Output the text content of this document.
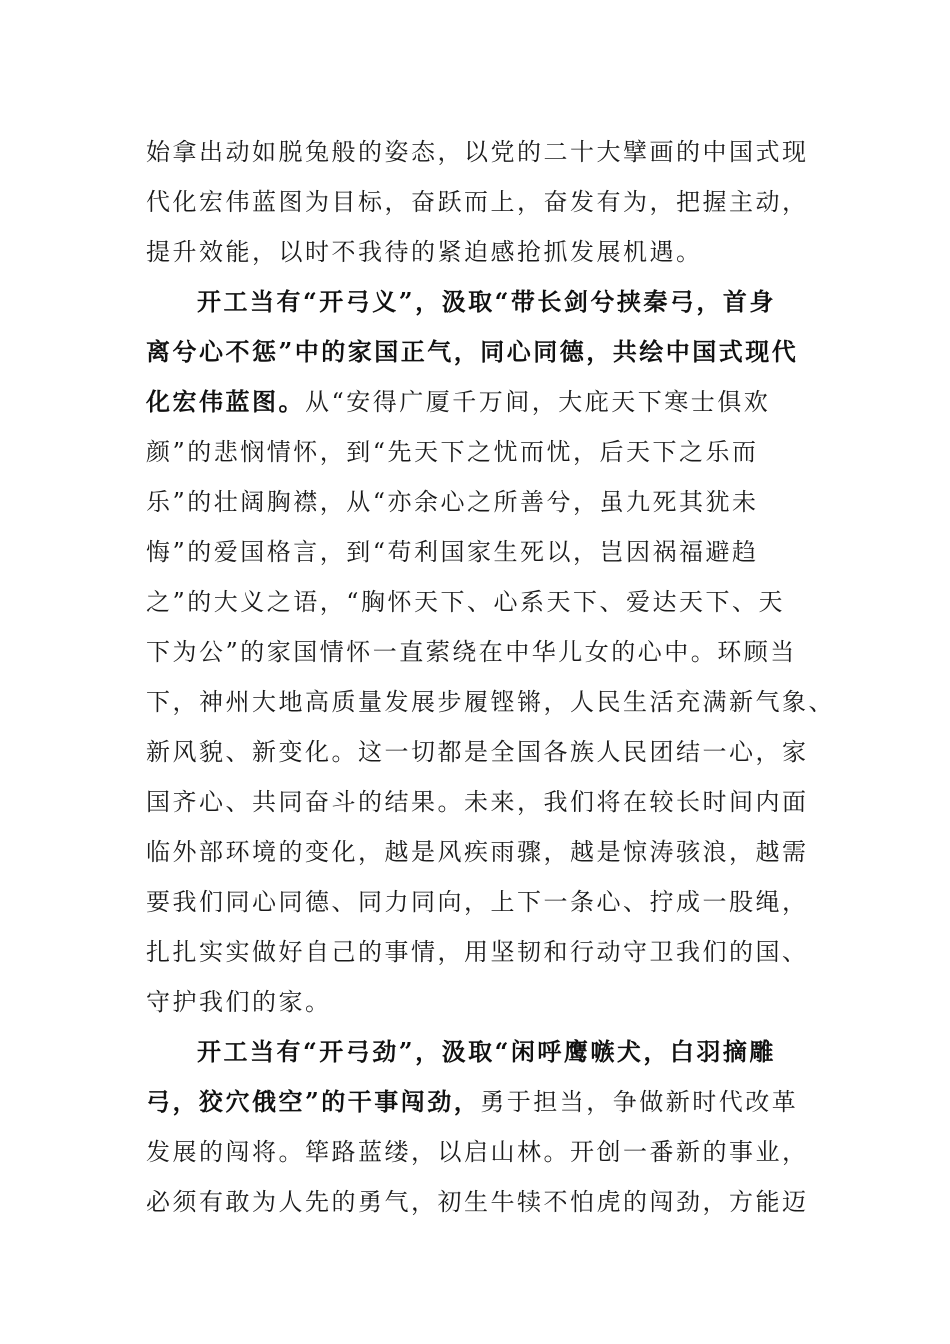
始拿出动如脱兔般的姿态，以党的二十大擘画的中国式现
代化宏伟蓝图为目标，奋跃而上，奋发有为，把握主动，
提升效能，以时不我待的紧迫感抢抓发展机遇。
开工当有“开弓义”，汲取“带长剑兮挟秦弓，首身
离兮心不惩”中的家国正气，同心同德，共绘中国式现代
化宏伟蓝图。从“安得广厦千万间，大庇天下寒士俱欢
颜”的悲悯情怀，到“先天下之忧而忧，后天下之乐而
乐”的壮阔胸襟，从“亦余心之所善兮，虽九死其犹未
悔”的爱国格言，到“苟利国家生死以，岂因祸福避趋
之”的大义之语，“胸怀天下、心系天下、爱达天下、天
下为公”的家国情怀一直萦绕在中华儿女的心中。环顾当
下，神州大地高质量发展步履铿锵，人民生活充满新气象、
新风貌、新变化。这一切都是全国各族人民团结一心，家
国齐心、共同奋斗的结果。未来，我们将在较长时间内面
临外部环境的变化，越是风疾雨骤，越是惊涛骇浪，越需
要我们同心同德、同力同向，上下一条心、拧成一股绳，
扎扎实实做好自己的事情，用坚韧和行动守卫我们的国、
守护我们的家。
开工当有“开弓劲”，汲取“闲呼鹰嗾犬，白羽摘雕
弓，狡穴俄空”的干事闯劲，勇于担当，争做新时代改革
发展的闯将。筚路蓝缕，以启山林。开创一番新的事业，
必须有敢为人先的勇气，初生牛犊不怕虎的闯劲，方能迈
